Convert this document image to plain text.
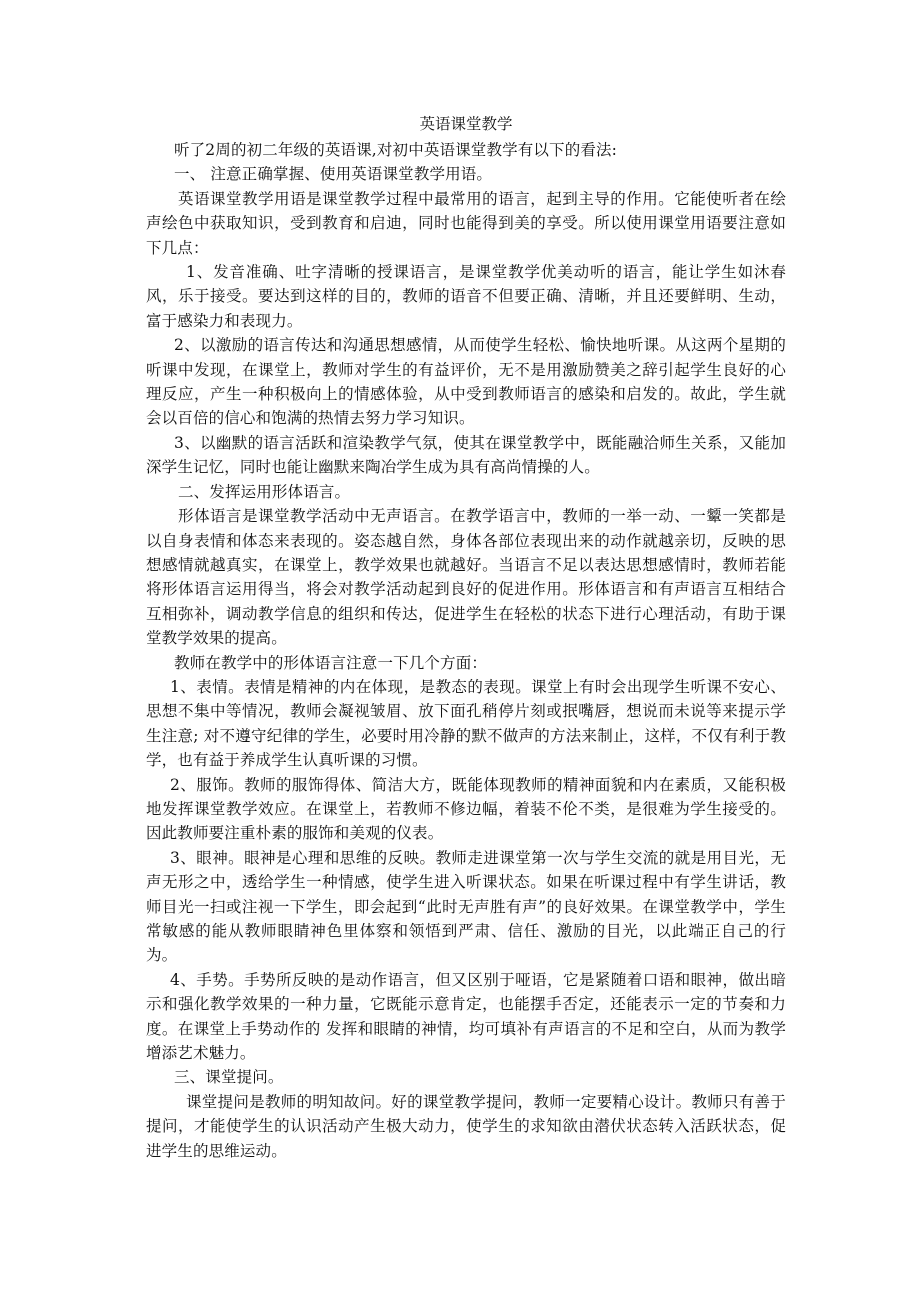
英语课堂教学

听了2周的初二年级的英语课,对初中英语课堂教学有以下的看法:

一、 注意正确掌握、使用英语课堂教学用语。

英语课堂教学用语是课堂教学过程中最常用的语言，起到主导的作用。它能使听者在绘声绘色中获取知识，受到教育和启迪，同时也能得到美的享受。所以使用课堂用语要注意如下几点：

1、发音准确、吐字清晰的授课语言，是课堂教学优美动听的语言，能让学生如沐春风，乐于接受。要达到这样的目的，教师的语音不但要正确、清晰，并且还要鲜明、生动，富于感染力和表现力。

2、以激励的语言传达和沟通思想感情，从而使学生轻松、愉快地听课。从这两个星期的听课中发现，在课堂上，教师对学生的有益评价，无不是用激励赞美之辞引起学生良好的心理反应，产生一种积极向上的情感体验，从中受到教师语言的感染和启发的。故此，学生就会以百倍的信心和饱满的热情去努力学习知识。

3、以幽默的语言活跃和渲染教学气氛，使其在课堂教学中，既能融洽师生关系，又能加深学生记忆，同时也能让幽默来陶冶学生成为具有高尚情操的人。

二、发挥运用形体语言。

形体语言是课堂教学活动中无声语言。在教学语言中，教师的一举一动、一颦一笑都是以自身表情和体态来表现的。姿态越自然，身体各部位表现出来的动作就越亲切，反映的思想感情就越真实，在课堂上，教学效果也就越好。当语言不足以表达思想感情时，教师若能将形体语言运用得当，将会对教学活动起到良好的促进作用。形体语言和有声语言互相结合互相弥补，调动教学信息的组织和传达，促进学生在轻松的状态下进行心理活动，有助于课堂教学效果的提高。

教师在教学中的形体语言注意一下几个方面：

1、表情。表情是精神的内在体现，是教态的表现。课堂上有时会出现学生听课不安心、思想不集中等情况，教师会凝视皱眉、放下面孔稍停片刻或抿嘴唇，想说而未说等来提示学生注意; 对不遵守纪律的学生，必要时用冷静的默不做声的方法来制止，这样，不仅有利于教学，也有益于养成学生认真听课的习惯。

2、服饰。教师的服饰得体、简洁大方，既能体现教师的精神面貌和内在素质，又能积极地发挥课堂教学效应。在课堂上，若教师不修边幅，着装不伦不类，是很难为学生接受的。因此教师要注重朴素的服饰和美观的仪表。

3、眼神。眼神是心理和思维的反映。教师走进课堂第一次与学生交流的就是用目光，无声无形之中，透给学生一种情感，使学生进入听课状态。如果在听课过程中有学生讲话，教师目光一扫或注视一下学生，即会起到“此时无声胜有声”的良好效果。在课堂教学中，学生常敏感的能从教师眼睛神色里体察和领悟到严肃、信任、激励的目光，以此端正自己的行为。

4、手势。手势所反映的是动作语言，但又区别于哑语，它是紧随着口语和眼神，做出暗示和强化教学效果的一种力量，它既能示意肯定，也能摆手否定，还能表示一定的节奏和力度。在课堂上手势动作的 发挥和眼睛的神情，均可填补有声语言的不足和空白，从而为教学增添艺术魅力。

三、课堂提问。

课堂提问是教师的明知故问。好的课堂教学提问，教师一定要精心设计。教师只有善于提问，才能使学生的认识活动产生极大动力，使学生的求知欲由潜伏状态转入活跃状态，促进学生的思维运动。
